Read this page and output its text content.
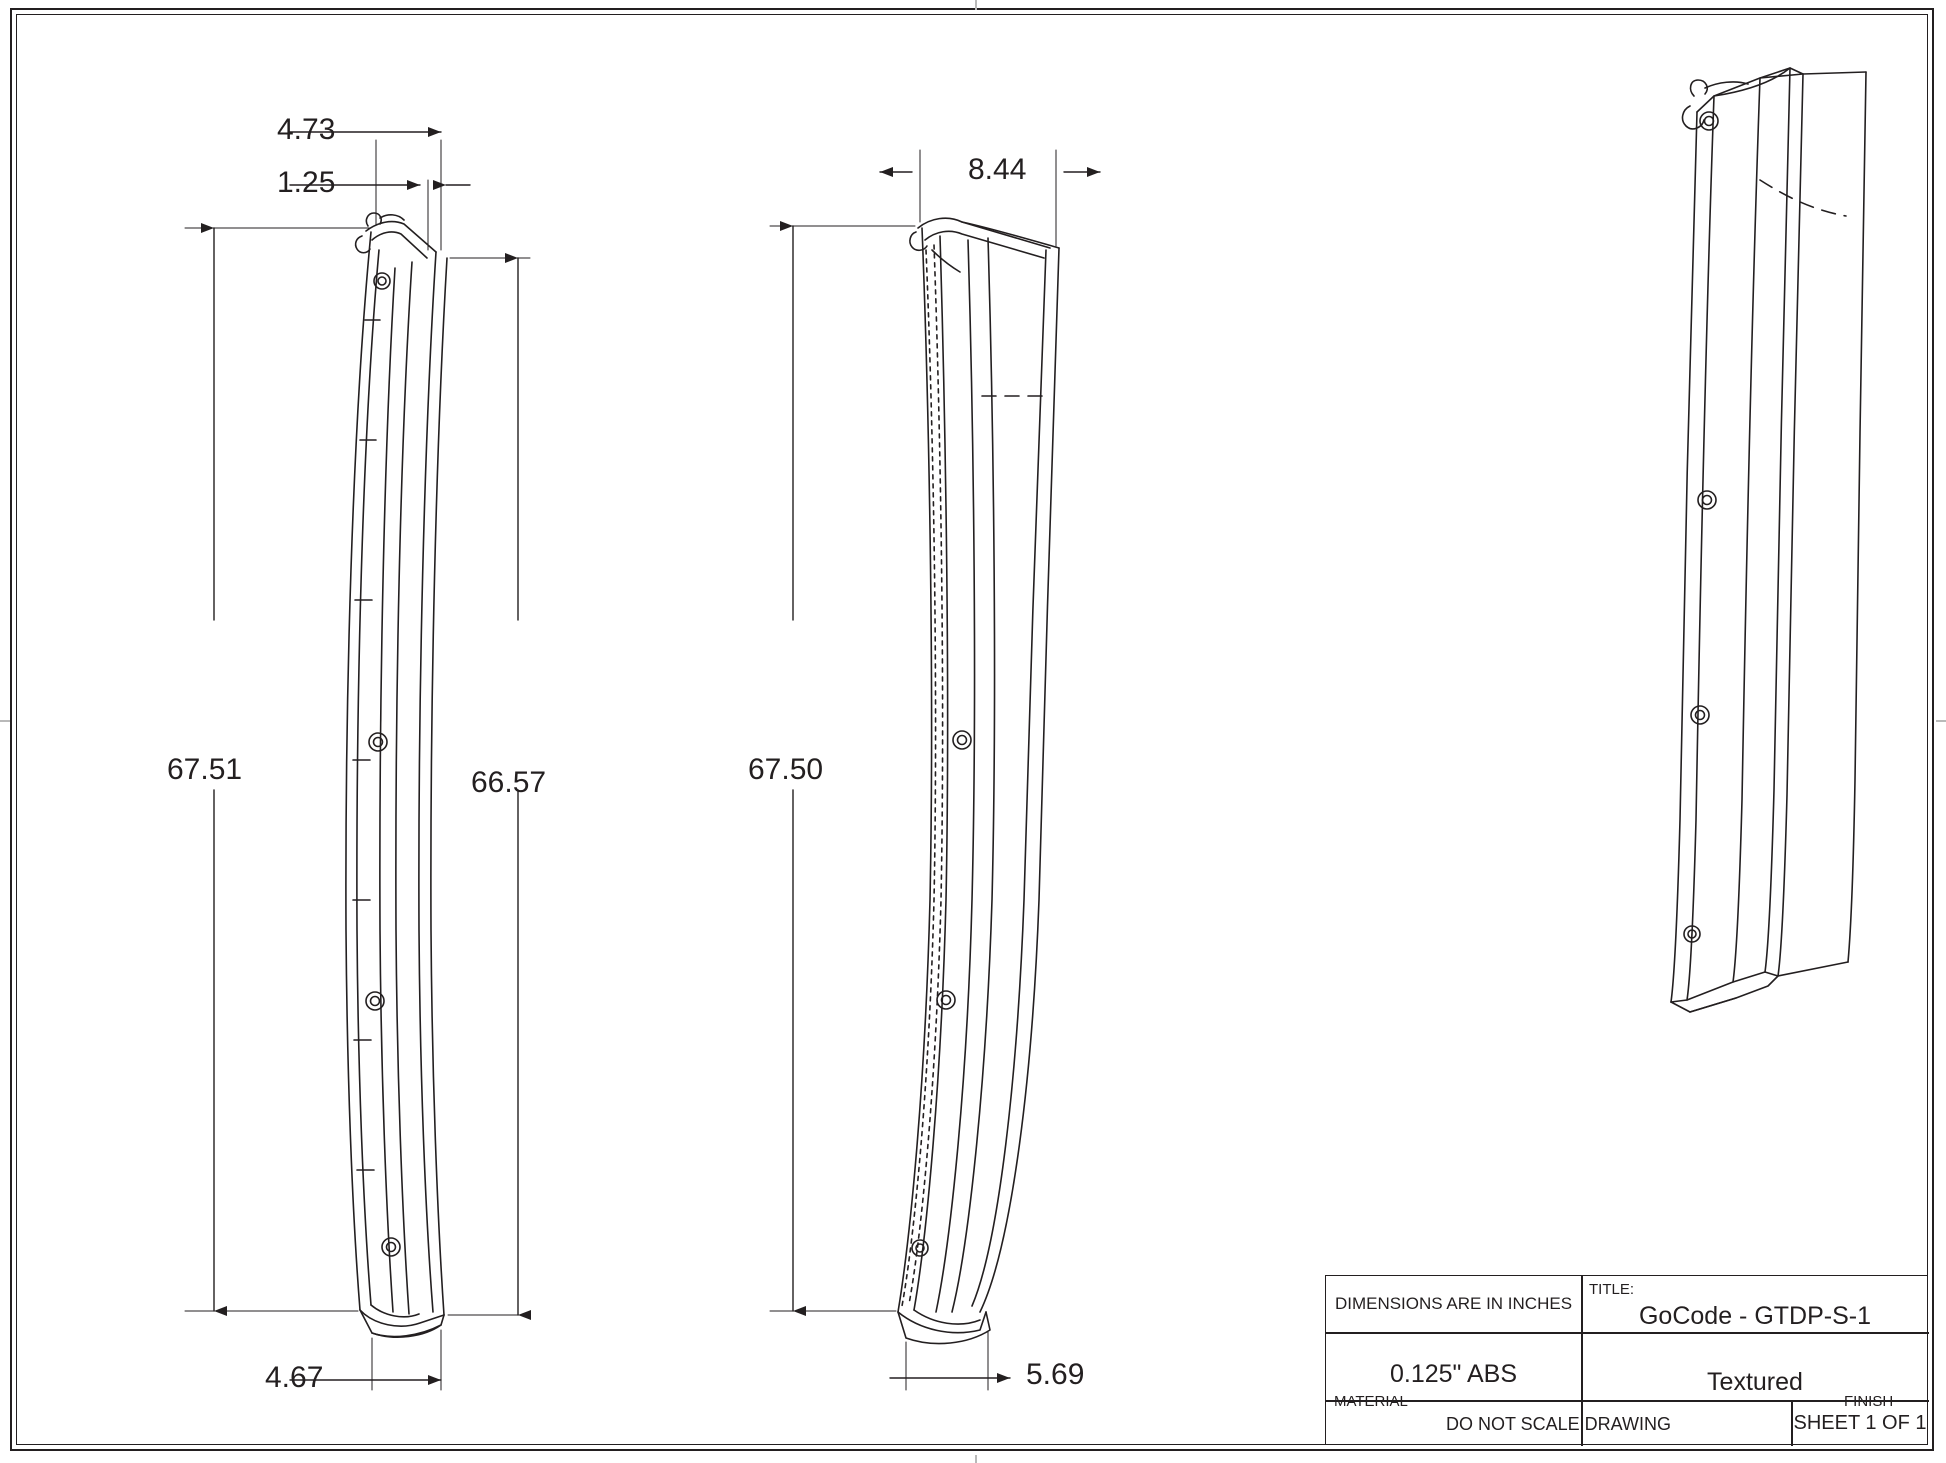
4.73
1.25
67.51	66.57
4.67
8.44
67.50
5.69
DIMENSIONS ARE IN INCHES
TITLE:
GoCode - GTDP-S-1
MATERIAL
0.125" ABS
FINISH
Textured
DO NOT SCALE DRAWING	SHEET 1 OF 1
